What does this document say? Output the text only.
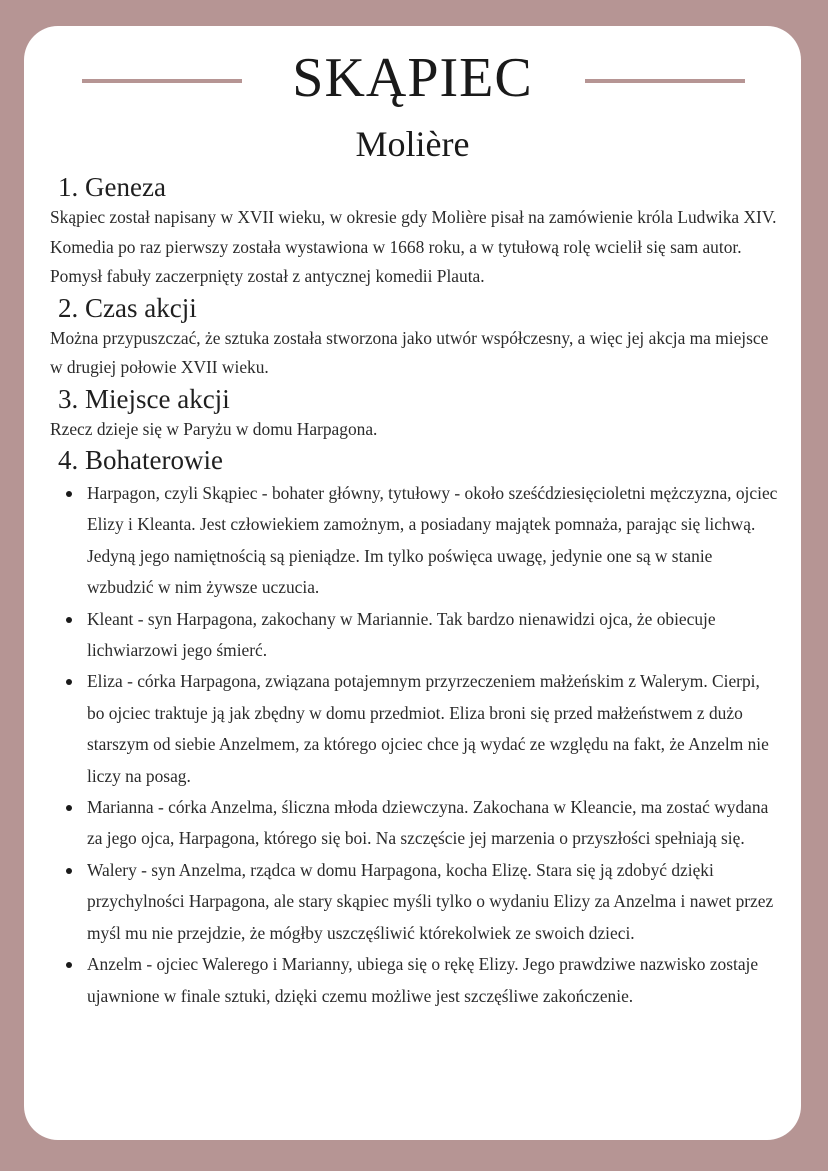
SKĄPIEC
Molière
1. Geneza

Skąpiec został napisany w XVII wieku, w okresie gdy Molière pisał na zamówienie króla Ludwika XIV. Komedia po raz pierwszy została wystawiona w 1668 roku, a w tytułową rolę wcielił się sam autor. Pomysł fabuły zaczerpnięty został z antycznej komedii Plauta.

2. Czas akcji

Można przypuszczać, że sztuka została stworzona jako utwór współczesny, a więc jej akcja ma miejsce w drugiej połowie XVII wieku.

3. Miejsce akcji

Rzecz dzieje się w Paryżu w domu Harpagona.

4. Bohaterowie
Harpagon, czyli Skąpiec - bohater główny, tytułowy - około sześćdziesięcioletni mężczyzna, ojciec Elizy i Kleanta. Jest człowiekiem zamożnym, a posiadany majątek pomnaża, parając się lichwą. Jedyną jego namiętnością są pieniądze. Im tylko poświęca uwagę, jedynie one są w stanie wzbudzić w nim żywsze uczucia.
Kleant - syn Harpagona, zakochany w Mariannie. Tak bardzo nienawidzi ojca, że obiecuje lichwiarzowi jego śmierć.
Eliza - córka Harpagona, związana potajemnym przyrzeczeniem małżeńskim z Walerym. Cierpi, bo ojciec traktuje ją jak zbędny w domu przedmiot. Eliza broni się przed małżeństwem z dużo starszym od siebie Anzelmem, za którego ojciec chce ją wydać ze względu na fakt, że Anzelm nie liczy na posag.
Marianna - córka Anzelma, śliczna młoda dziewczyna. Zakochana w Kleancie, ma zostać wydana za jego ojca, Harpagona, którego się boi. Na szczęście jej marzenia o przyszłości spełniają się.
Walery - syn Anzelma, rządca w domu Harpagona, kocha Elizę. Stara się ją zdobyć dzięki przychylności Harpagona, ale stary skąpiec myśli tylko o wydaniu Elizy za Anzelma i nawet przez myśl mu nie przejdzie, że mógłby uszczęśliwić którekolwiek ze swoich dzieci.
Anzelm - ojciec Walerego i Marianny, ubiega się o rękę Elizy. Jego prawdziwe nazwisko zostaje ujawnione w finale sztuki, dzięki czemu możliwe jest szczęśliwe zakończenie.
